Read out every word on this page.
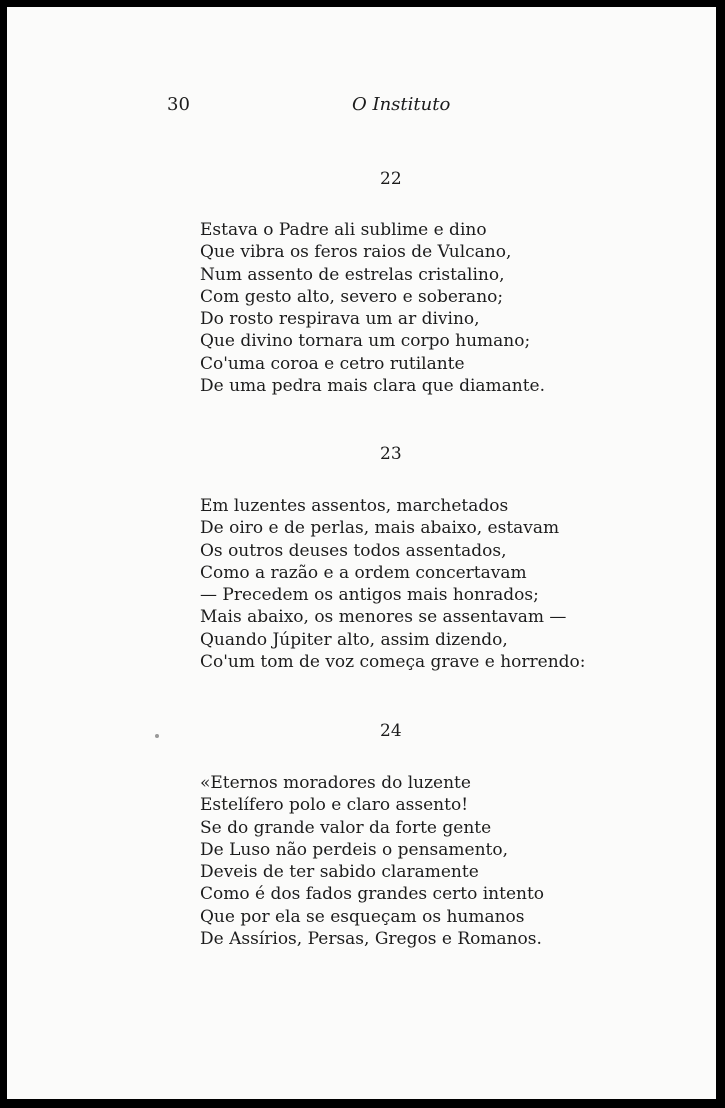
30	O Instituto
22
Estava o Padre ali sublime e dino
Que vibra os feros raios de Vulcano,
Num assento de estrelas cristalino,
Com gesto alto, severo e soberano;
Do rosto respirava um ar divino,
Que divino tornara um corpo humano;
Co'uma coroa e cetro rutilante
De uma pedra mais clara que diamante.
23
Em luzentes assentos, marchetados
De oiro e de perlas, mais abaixo, estavam
Os outros deuses todos assentados,
Como a razão e a ordem concertavam
— Precedem os antigos mais honrados;
Mais abaixo, os menores se assentavam —
Quando Júpiter alto, assim dizendo,
Co'um tom de voz começa grave e horrendo:
24
«Eternos moradores do luzente
Estelífero polo e claro assento!
Se do grande valor da forte gente
De Luso não perdeis o pensamento,
Deveis de ter sabido claramente
Como é dos fados grandes certo intento
Que por ela se esqueçam os humanos
De Assírios, Persas, Gregos e Romanos.
